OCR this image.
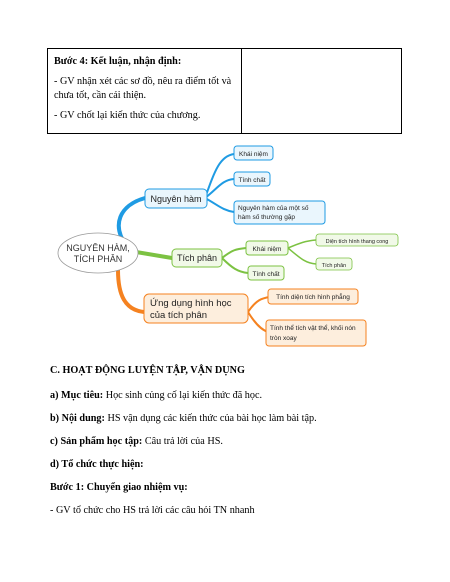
Bước 4: Kết luận, nhận định:

- GV nhận xét các sơ đồ, nêu ra điểm tốt và
chưa tốt, cần cải thiện.

- GV chốt lại kiến thức của chương.

NGUYÊN HÀM,
TÍCH PHÂN
Nguyên hàm
Khái niệm
Tính chất
Nguyên hàm của một số
hàm số thường gặp
Tích phân
Khái niệm
Tính chất
Diện tích hình thang cong
Tích phân
Ứng dụng hình học
của tích phân
Tính diện tích hình phẳng
Tính thể tích vật thể, khối nón
tròn xoay
C. HOẠT ĐỘNG LUYỆN TẬP, VẬN DỤNG
a) Mục tiêu: Học sinh củng cố lại kiến thức đã học.
b) Nội dung: HS vận dụng các kiến thức của bài học làm bài tập.
c) Sản phẩm học tập: Câu trả lời của HS.
d) Tổ chức thực hiện:
Bước 1: Chuyển giao nhiệm vụ:
- GV tổ chức cho HS trả lời các câu hỏi TN nhanh
